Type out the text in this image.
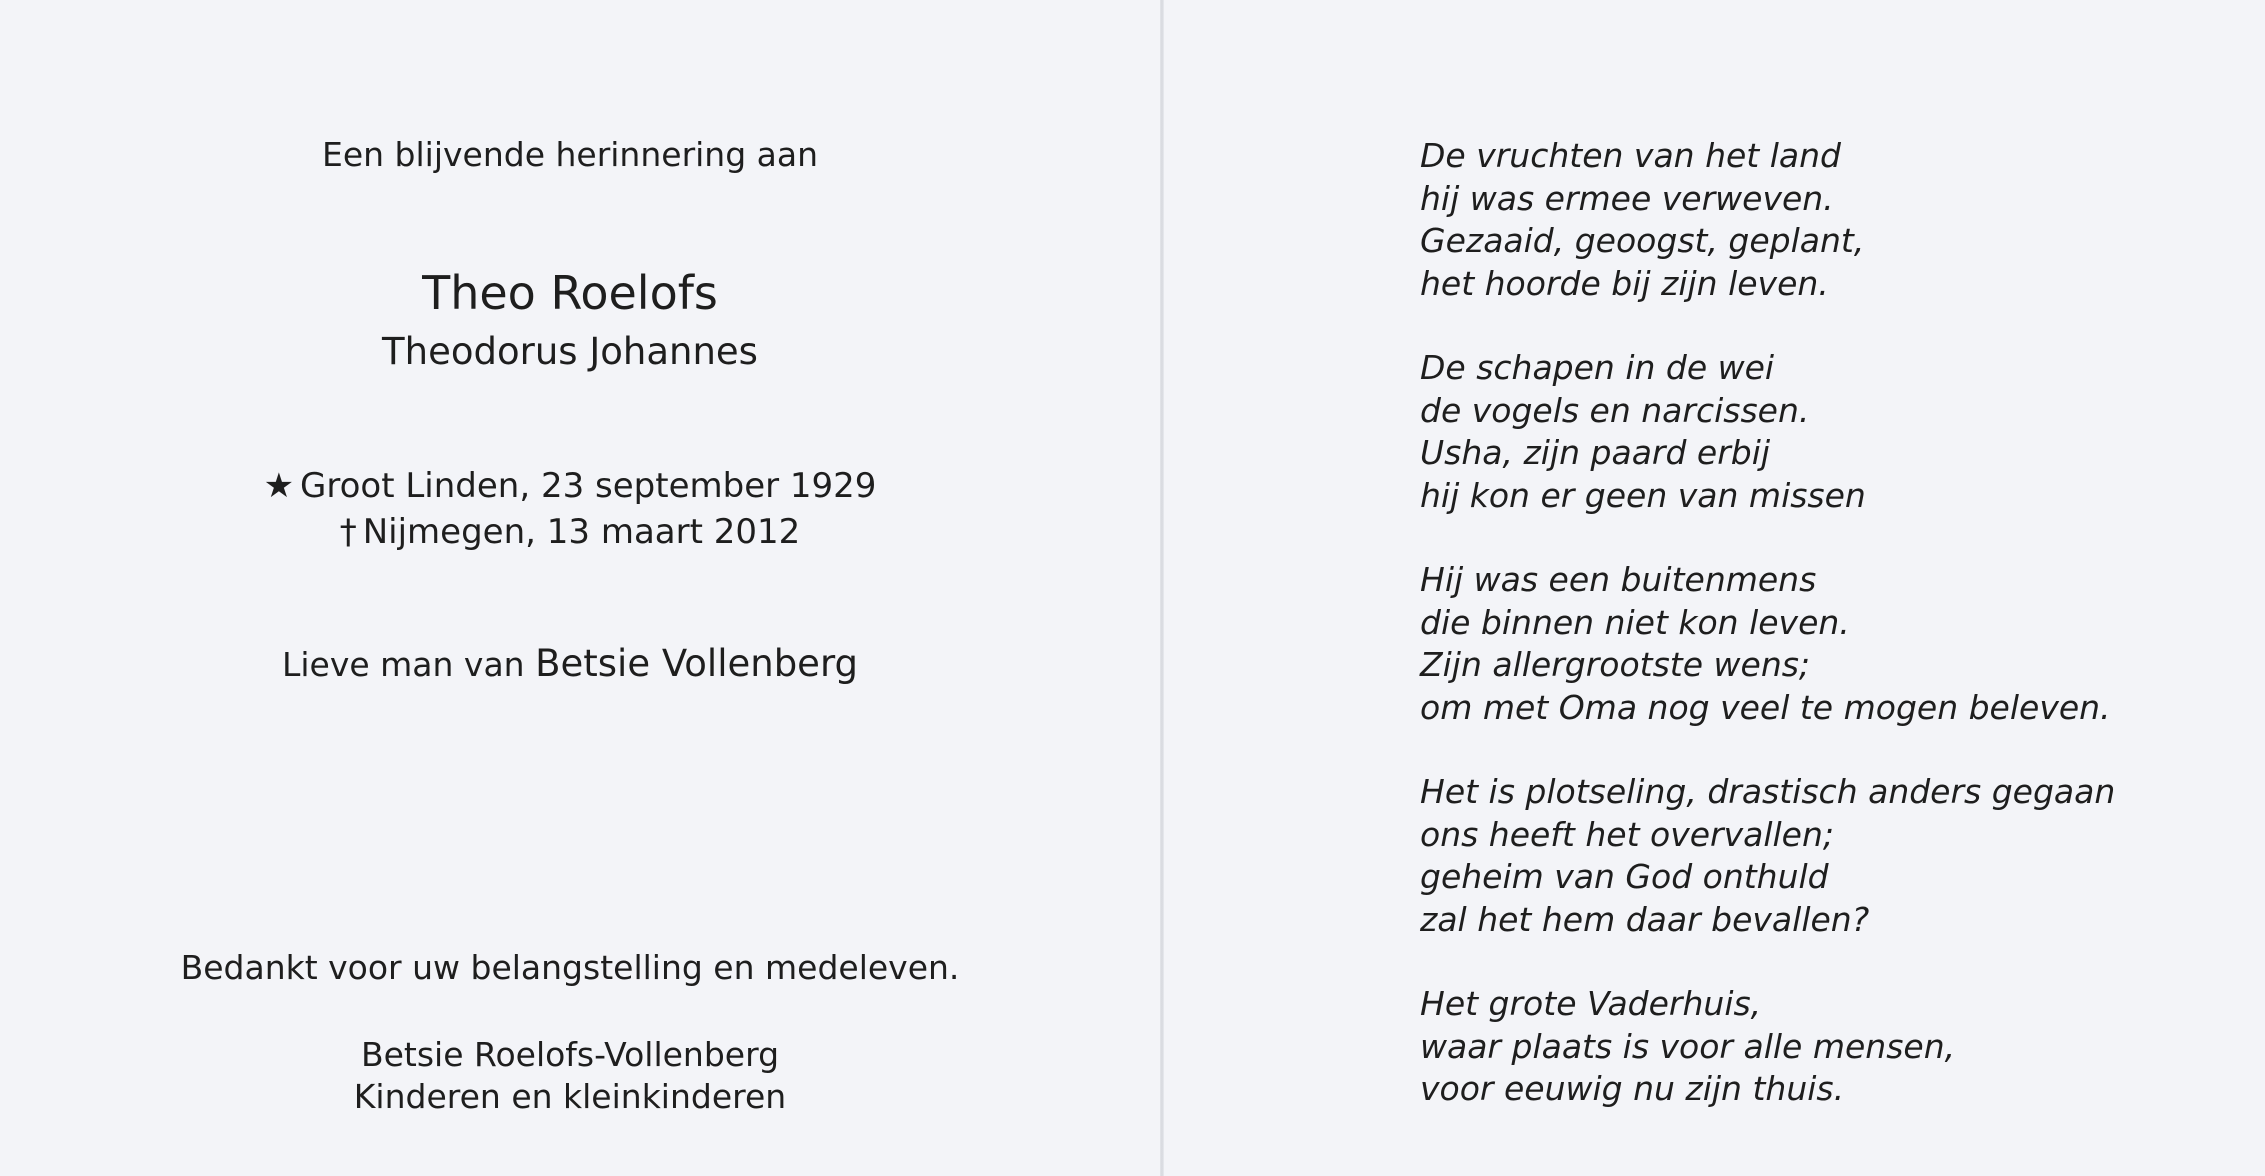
Een blijvende herinnering aan
Theo Roelofs
Theodorus Johannes
★ Groot Linden, 23 september 1929
† Nijmegen, 13 maart 2012
Lieve man van Betsie Vollenberg
Bedankt voor uw belangstelling en medeleven.
Betsie Roelofs-Vollenberg
Kinderen en kleinkinderen
De vruchten van het land
hij was ermee verweven.
Gezaaid, geoogst, geplant,
het hoorde bij zijn leven.
De schapen in de wei
de vogels en narcissen.
Usha, zijn paard erbij
hij kon er geen van missen
Hij was een buitenmens
die binnen niet kon leven.
Zijn allergrootste wens;
om met Oma nog veel te mogen beleven.
Het is plotseling, drastisch anders gegaan
ons heeft het overvallen;
geheim van God onthuld
zal het hem daar bevallen?
Het grote Vaderhuis,
waar plaats is voor alle mensen,
voor eeuwig nu zijn thuis.
